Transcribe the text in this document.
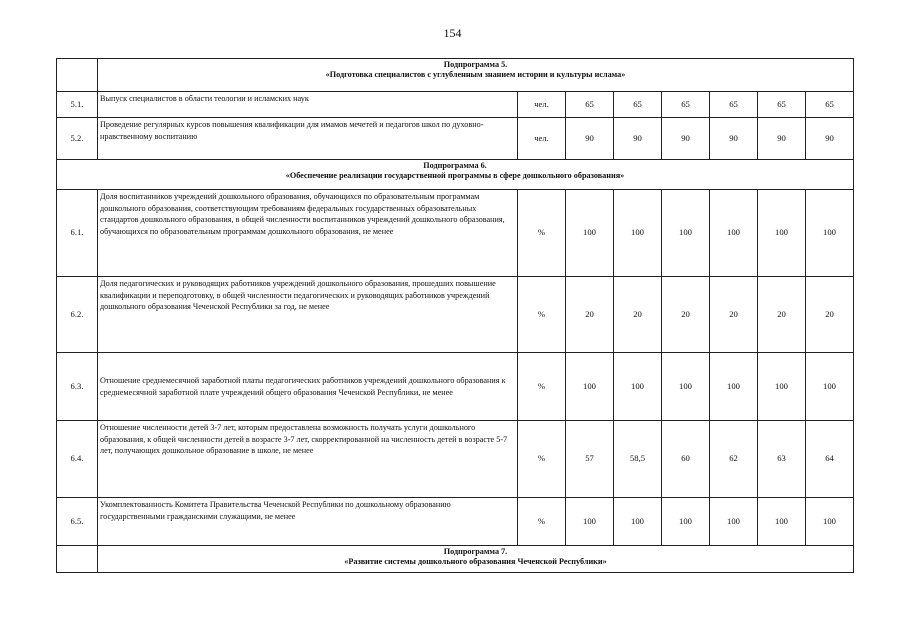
154

	Подпрограмма 5.
«Подготовка специалистов с углубленным знанием истории и культуры ислама»							

5.1.	Выпуск специалистов в области теологии и исламских наук	чел.	65	65	65	65	65	65
5.2.	Проведение регулярных курсов повышения квалификации для имамов мечетей и педагогов школ по духовно-нравственному воспитанию	чел.	90	90	90	90	90	90

Подпрограмма 6.
«Обеспечение реализации государственной программы в сфере дошкольного образования»								

6.1.	Доля воспитанников учреждений дошкольного образования, обучающихся по образовательным программам дошкольного образования, соответствующим требованиям федеральных государственных образовательных стандартов дошкольного образования, в общей численности воспитанников учреждений дошкольного образования, обучающихся по образовательным программам дошкольного образования, не менее	%	100	100	100	100	100	100
6.2.	Доля педагогических и руководящих работников учреждений дошкольного образования, прошедших повышение квалификации и переподготовку, в общей численности педагогических и руководящих работников учреждений дошкольного образования Чеченской Республики за год, не менее	%	20	20	20	20	20	20
6.3.	Отношение среднемесячной заработной платы педагогических работников учреждений дошкольного образования к среднемесячной заработной плате учреждений общего образования Чеченской Республики, не менее	%	100	100	100	100	100	100
6.4.	Отношение численности детей 3-7 лет, которым предоставлена возможность получать услуги дошкольного образования, к общей численности детей в возрасте 3-7 лет, скорректированной на численность детей в возрасте 5-7 лет, получающих дошкольное образование в школе, не менее	%	57	58,5	60	62	63	64
6.5.	Укомплектованность Комитета Правительства Чеченской Республики по дошкольному образованию государственными гражданскими служащими, не менее	%	100	100	100	100	100	100

	Подпрограмма 7.
«Развитие системы дошкольного образования Чеченской Республики»							
